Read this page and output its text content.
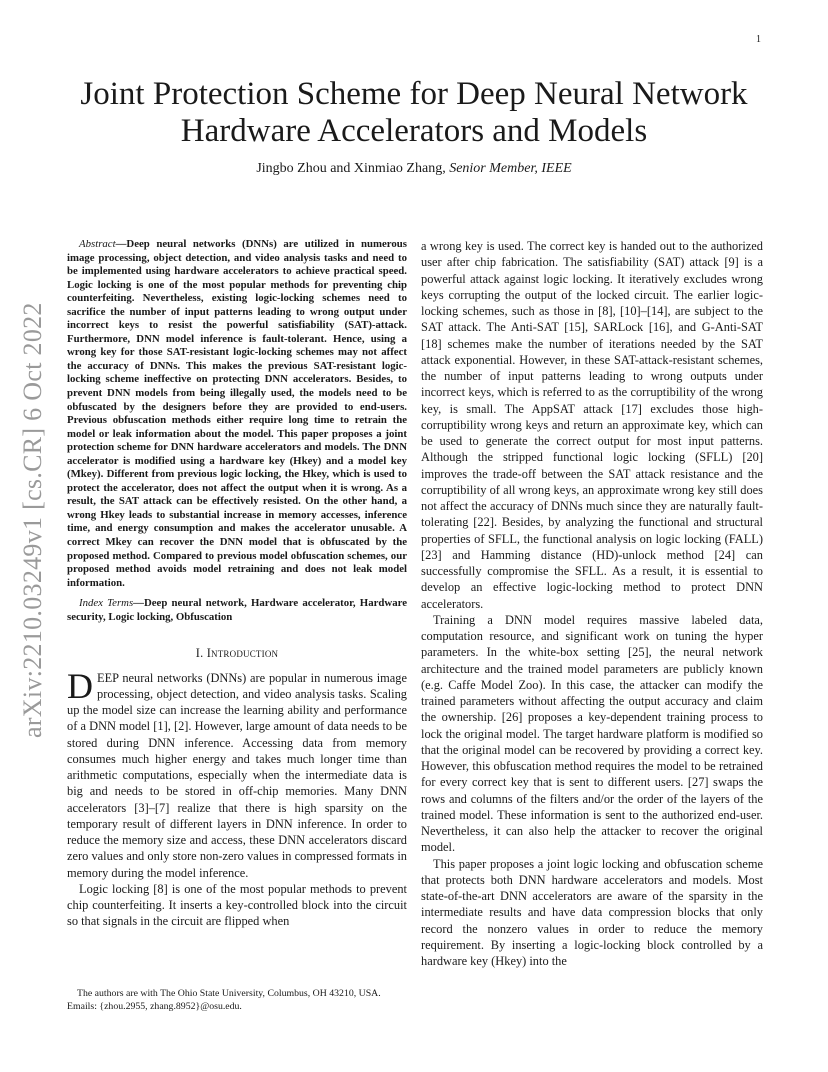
1
arXiv:2210.03249v1 [cs.CR] 6 Oct 2022
Joint Protection Scheme for Deep Neural Network Hardware Accelerators and Models
Jingbo Zhou and Xinmiao Zhang, Senior Member, IEEE

Abstract—Deep neural networks (DNNs) are utilized in numerous image processing, object detection, and video analysis tasks and need to be implemented using hardware accelerators to achieve practical speed. Logic locking is one of the most popular methods for preventing chip counterfeiting. Nevertheless, existing logic-locking schemes need to sacrifice the number of input patterns leading to wrong output under incorrect keys to resist the powerful satisfiability (SAT)-attack. Furthermore, DNN model inference is fault-tolerant. Hence, using a wrong key for those SAT-resistant logic-locking schemes may not affect the accuracy of DNNs. This makes the previous SAT-resistant logic-locking scheme ineffective on protecting DNN accelerators. Besides, to prevent DNN models from being illegally used, the models need to be obfuscated by the designers before they are provided to end-users. Previous obfuscation methods either require long time to retrain the model or leak information about the model. This paper proposes a joint protection scheme for DNN hardware accelerators and models. The DNN accelerator is modified using a hardware key (Hkey) and a model key (Mkey). Different from previous logic locking, the Hkey, which is used to protect the accelerator, does not affect the output when it is wrong. As a result, the SAT attack can be effectively resisted. On the other hand, a wrong Hkey leads to substantial increase in memory accesses, inference time, and energy consumption and makes the accelerator unusable. A correct Mkey can recover the DNN model that is obfuscated by the proposed method. Compared to previous model obfuscation schemes, our proposed method avoids model retraining and does not leak model information.

Index Terms—Deep neural network, Hardware accelerator, Hardware security, Logic locking, Obfuscation

I. Introduction

DEEP neural networks (DNNs) are popular in numerous image processing, object detection, and video analysis tasks. Scaling up the model size can increase the learning ability and performance of a DNN model [1], [2]. However, large amount of data needs to be stored during DNN inference. Accessing data from memory consumes much higher energy and takes much longer time than arithmetic computations, especially when the intermediate data is big and needs to be stored in off-chip memories. Many DNN accelerators [3]–[7] realize that there is high sparsity on the temporary result of different layers in DNN inference. In order to reduce the memory size and access, these DNN accelerators discard zero values and only store non-zero values in compressed formats in memory during the model inference.

Logic locking [8] is one of the most popular methods to prevent chip counterfeiting. It inserts a key-controlled block into the circuit so that signals in the circuit are flipped when

a wrong key is used. The correct key is handed out to the authorized user after chip fabrication. The satisfiability (SAT) attack [9] is a powerful attack against logic locking. It iteratively excludes wrong keys corrupting the output of the locked circuit. The earlier logic-locking schemes, such as those in [8], [10]–[14], are subject to the SAT attack. The Anti-SAT [15], SARLock [16], and G-Anti-SAT [18] schemes make the number of iterations needed by the SAT attack exponential. However, in these SAT-attack-resistant schemes, the number of input patterns leading to wrong outputs under incorrect keys, which is referred to as the corruptibility of the wrong key, is small. The AppSAT attack [17] excludes those high-corruptibility wrong keys and return an approximate key, which can be used to generate the correct output for most input patterns. Although the stripped functional logic locking (SFLL) [20] improves the trade-off between the SAT attack resistance and the corruptibility of all wrong keys, an approximate wrong key still does not affect the accuracy of DNNs much since they are naturally fault-tolerating [22]. Besides, by analyzing the functional and structural properties of SFLL, the functional analysis on logic locking (FALL) [23] and Hamming distance (HD)-unlock method [24] can successfully compromise the SFLL. As a result, it is essential to develop an effective logic-locking method to protect DNN accelerators.

Training a DNN model requires massive labeled data, computation resource, and significant work on tuning the hyper parameters. In the white-box setting [25], the neural network architecture and the trained model parameters are publicly known (e.g. Caffe Model Zoo). In this case, the attacker can modify the trained parameters without affecting the output accuracy and claim the ownership. [26] proposes a key-dependent training process to lock the original model. The target hardware platform is modified so that the original model can be recovered by providing a correct key. However, this obfuscation method requires the model to be retrained for every correct key that is sent to different users. [27] swaps the rows and columns of the filters and/or the order of the layers of the trained model. These information is sent to the authorized end-user. Nevertheless, it can also help the attacker to recover the original model.

This paper proposes a joint logic locking and obfuscation scheme that protects both DNN hardware accelerators and models. Most state-of-the-art DNN accelerators are aware of the sparsity in the intermediate results and have data compression blocks that only record the nonzero values in order to reduce the memory requirement. By inserting a logic-locking block controlled by a hardware key (Hkey) into the

The authors are with The Ohio State University, Columbus, OH 43210, USA. Emails: {zhou.2955, zhang.8952}@osu.edu.
